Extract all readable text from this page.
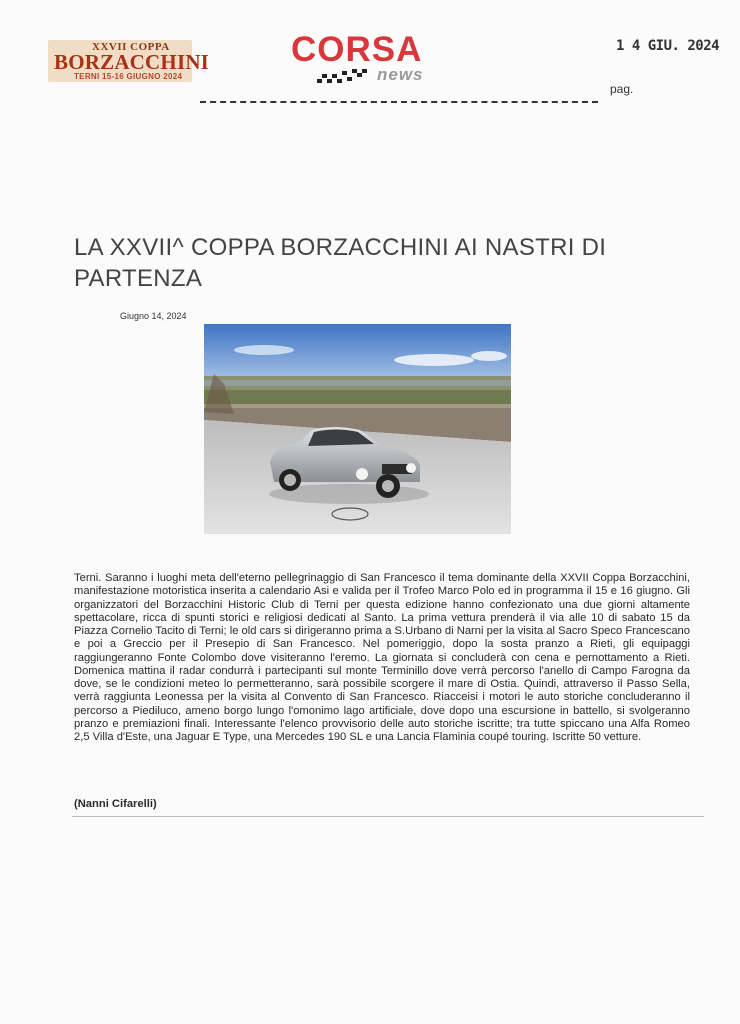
XXVII COPPA
BORZACCHINI
TERNI 15-16 GIUGNO 2024
CORSA
news
1 4 GIU. 2024
pag.
LA XXVII^ COPPA BORZACCHINI AI NASTRI DI PARTENZA
Giugno 14, 2024

Terni. Saranno i luoghi meta dell'eterno pellegrinaggio di San Francesco il tema dominante della XXVII Coppa Borzacchini, manifestazione motoristica inserita a calendario Asi e valida per il Trofeo Marco Polo ed in programma il 15 e 16 giugno. Gli organizzatori del Borzacchini Historic Club di Terni per questa edizione hanno confezionato una due giorni altamente spettacolare, ricca di spunti storici e religiosi dedicati al Santo. La prima vettura prenderà il via alle 10 di sabato 15 da Piazza Cornelio Tacito di Terni; le old cars si dirigeranno prima a S.Urbano di Narni per la visita al Sacro Speco Francescano e poi a Greccio per il Presepio di San Francesco. Nel pomeriggio, dopo la sosta pranzo a Rieti, gli equipaggi raggiungeranno Fonte Colombo dove visiteranno l'eremo. La giornata si concluderà con cena e pernottamento a Rieti. Domenica mattina il radar condurrà i partecipanti sul monte Terminillo dove verrà percorso l'anello di Campo Farogna da dove, se le condizioni meteo lo permetteranno, sarà possibile scorgere il mare di Ostia. Quindi, attraverso il Passo Sella, verrà raggiunta Leonessa per la visita al Convento di San Francesco. Riacceisi i motori le auto storiche concluderanno il percorso a Piediluco, ameno borgo lungo l'omonimo lago artificiale, dove dopo una escursione in battello, si svolgeranno pranzo e premiazioni finali. Interessante l'elenco provvisorio delle auto storiche iscritte; tra tutte spiccano una Alfa Romeo 2,5 Villa d'Este, una Jaguar E Type, una Mercedes 190 SL e una Lancia Flaminia coupé touring. Iscritte 50 vetture.

(Nanni Cifarelli)
